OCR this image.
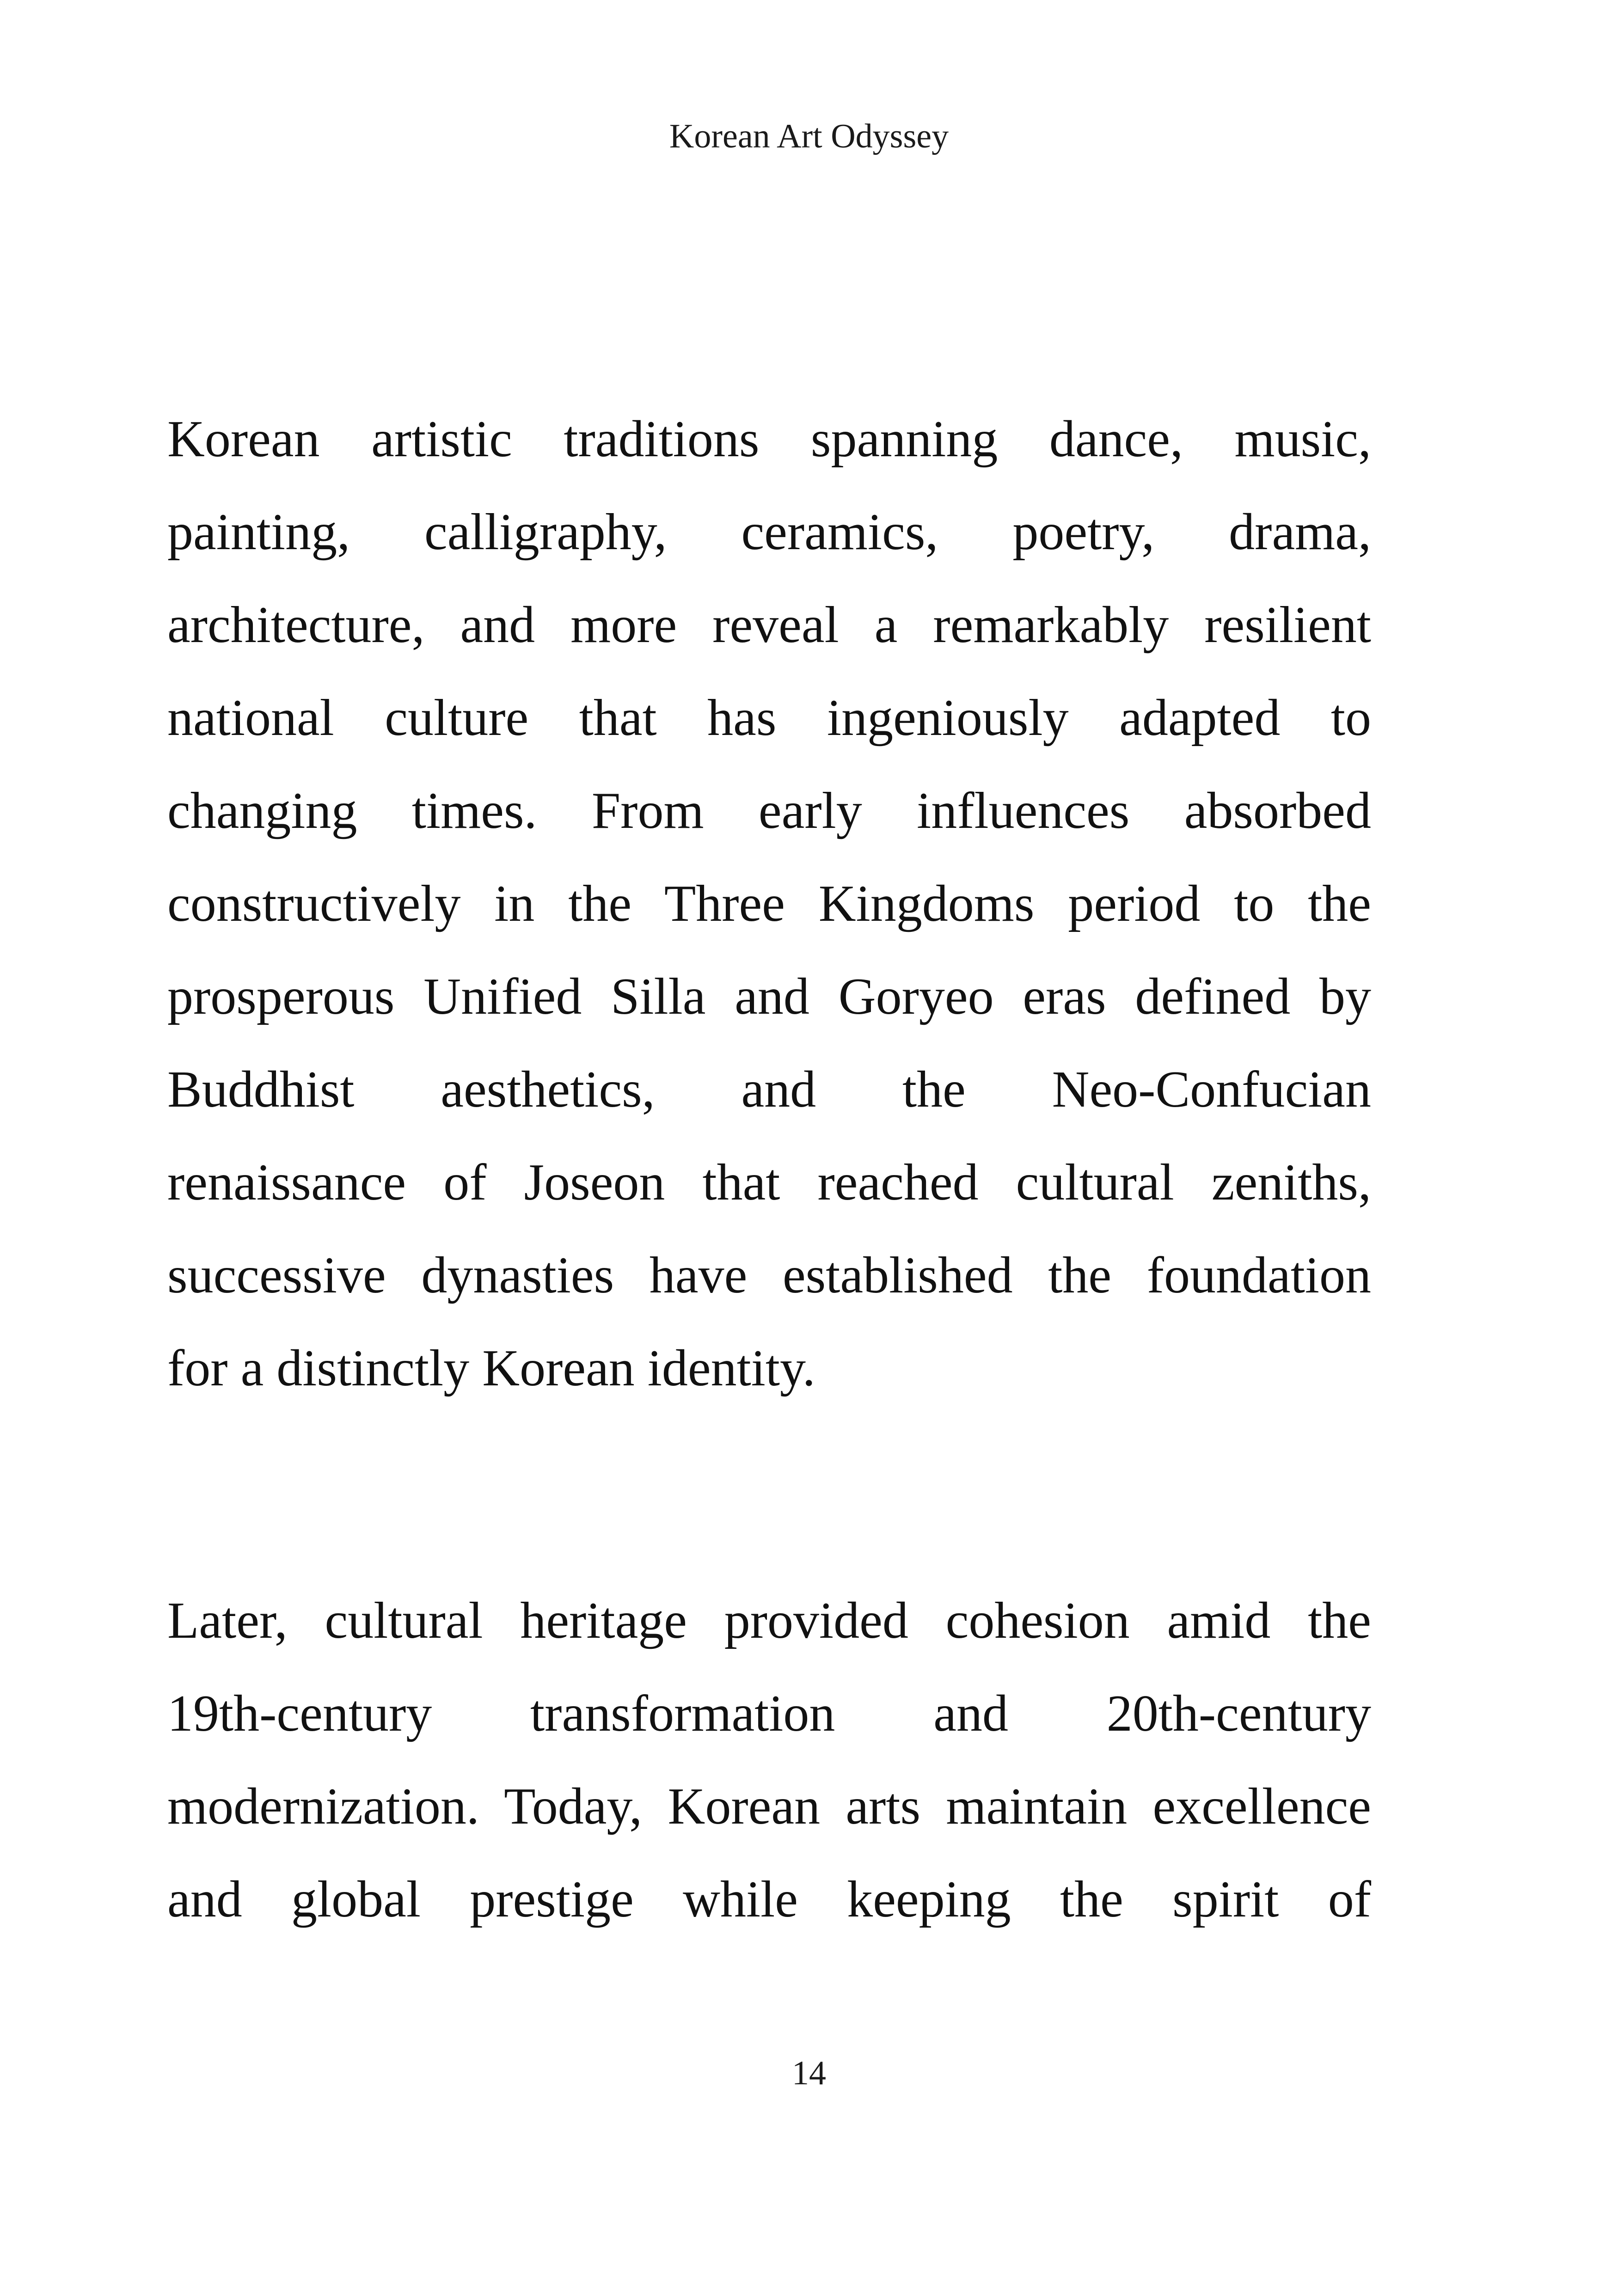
Korean Art Odyssey

Korean artistic traditions spanning dance, music,
painting, calligraphy, ceramics, poetry, drama,
architecture, and more reveal a remarkably resilient
national culture that has ingeniously adapted to
changing times. From early influences absorbed
constructively in the Three Kingdoms period to the
prosperous Unified Silla and Goryeo eras defined by
Buddhist aesthetics, and the Neo-Confucian
renaissance of Joseon that reached cultural zeniths,
successive dynasties have established the foundation
for a distinctly Korean identity.

Later, cultural heritage provided cohesion amid the
19th-century transformation and 20th-century
modernization. Today, Korean arts maintain excellence
and global prestige while keeping the spirit of

14
